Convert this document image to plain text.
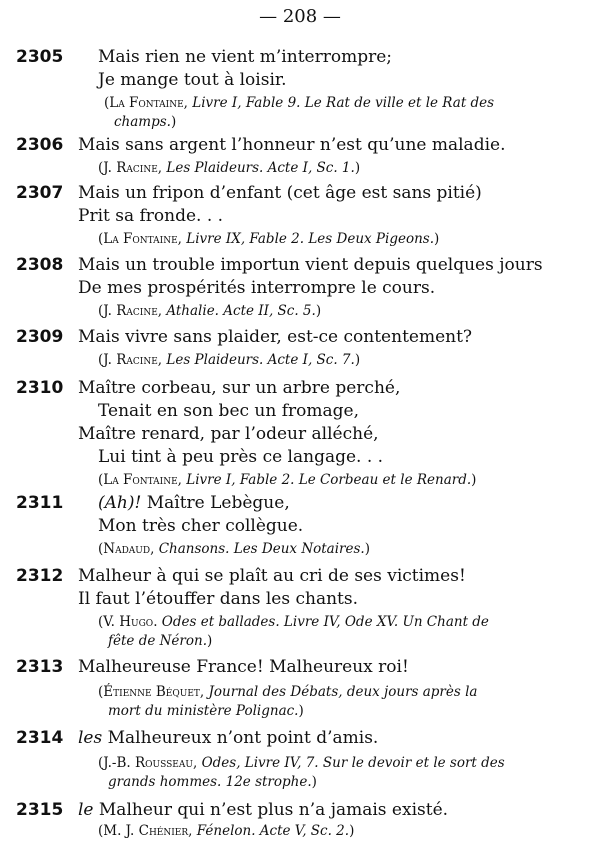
— 208 —
2305 Mais rien ne vient m’interrompre;
Je mange tout à loisir.
(La Fontaine, Livre I, Fable 9. Le Rat de ville et le Rat des
champs.)
2306 Mais sans argent l’honneur n’est qu’une maladie.
(J. Racine, Les Plaideurs. Acte I, Sc. 1.)
2307 Mais un fripon d’enfant (cet âge est sans pitié)
Prit sa fronde. . .
(La Fontaine, Livre IX, Fable 2. Les Deux Pigeons.)
2308 Mais un trouble importun vient depuis quelques jours
De mes prospérités interrompre le cours.
(J. Racine, Athalie. Acte II, Sc. 5.)
2309 Mais vivre sans plaider, est-ce contentement?
(J. Racine, Les Plaideurs. Acte I, Sc. 7.)
2310 Maître corbeau, sur un arbre perché,
Tenait en son bec un fromage,
Maître renard, par l’odeur alléché,
Lui tint à peu près ce langage. . .
(La Fontaine, Livre I, Fable 2. Le Corbeau et le Renard.)
2311 (Ah)! Maître Lebègue,
Mon très cher collègue.
(Nadaud, Chansons. Les Deux Notaires.)
2312 Malheur à qui se plaît au cri de ses victimes!
Il faut l’étouffer dans les chants.
(V. Hugo. Odes et ballades. Livre IV, Ode XV. Un Chant de
fête de Néron.)
2313 Malheureuse France! Malheureux roi!
(Étienne Béquet, Journal des Débats, deux jours après la
mort du ministère Polignac.)
2314 les Malheureux n’ont point d’amis.
(J.-B. Rousseau, Odes, Livre IV, 7. Sur le devoir et le sort des
grands hommes. 12e strophe.)
2315 le Malheur qui n’est plus n’a jamais existé.
(M. J. Chénier, Fénelon. Acte V, Sc. 2.)
